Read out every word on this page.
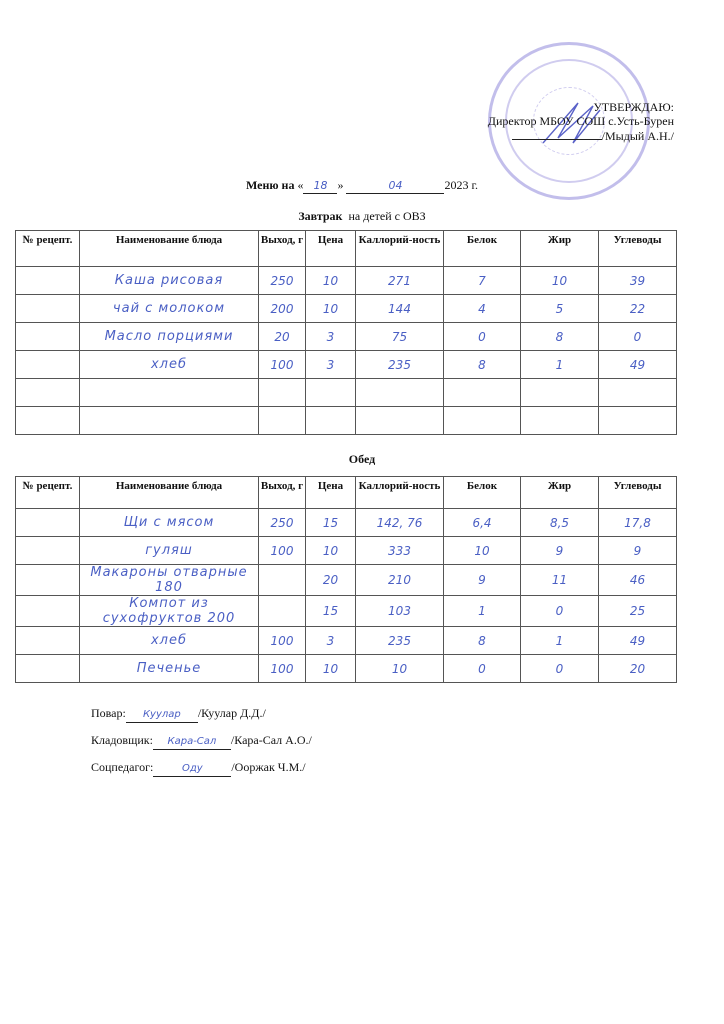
УТВЕРЖДАЮ:
Директор МБОУ СОШ с.Усть-Бурен
/Мыдый А.Н./
Меню на « 18 »	04	2023 г.
Завтрак  на детей с ОВЗ
№ рецепт.	Наименование блюда	Выход, г	Цена	Каллорий-ность	Белок	Жир	Углеводы
	Каша рисовая	250	10	271	7	10	39
	чай с молоком	200	10	144	4	5	22
	Масло порциями	20	3	75	0	8	0
	хлеб	100	3	235	8	1	49

Обед
№ рецепт.	Наименование блюда	Выход, г	Цена	Каллорий-ность	Белок	Жир	Углеводы
	Щи с мясом	250	15	142, 76	6,4	8,5	17,8
	гуляш	100	10	333	10	9	9
	Макароны отварные 180		20	210	9	11	46
	Компот из сухофруктов 200		15	103	1	0	25
	хлеб	100	3	235	8	1	49
	Печенье	100	10	10	0	0	20
Повар: Куулар /Куулар Д.Д./
Кладовщик: Кара-Сал /Кара-Сал А.О./
Соцпедагог:	Оду /Ооржак Ч.М./
